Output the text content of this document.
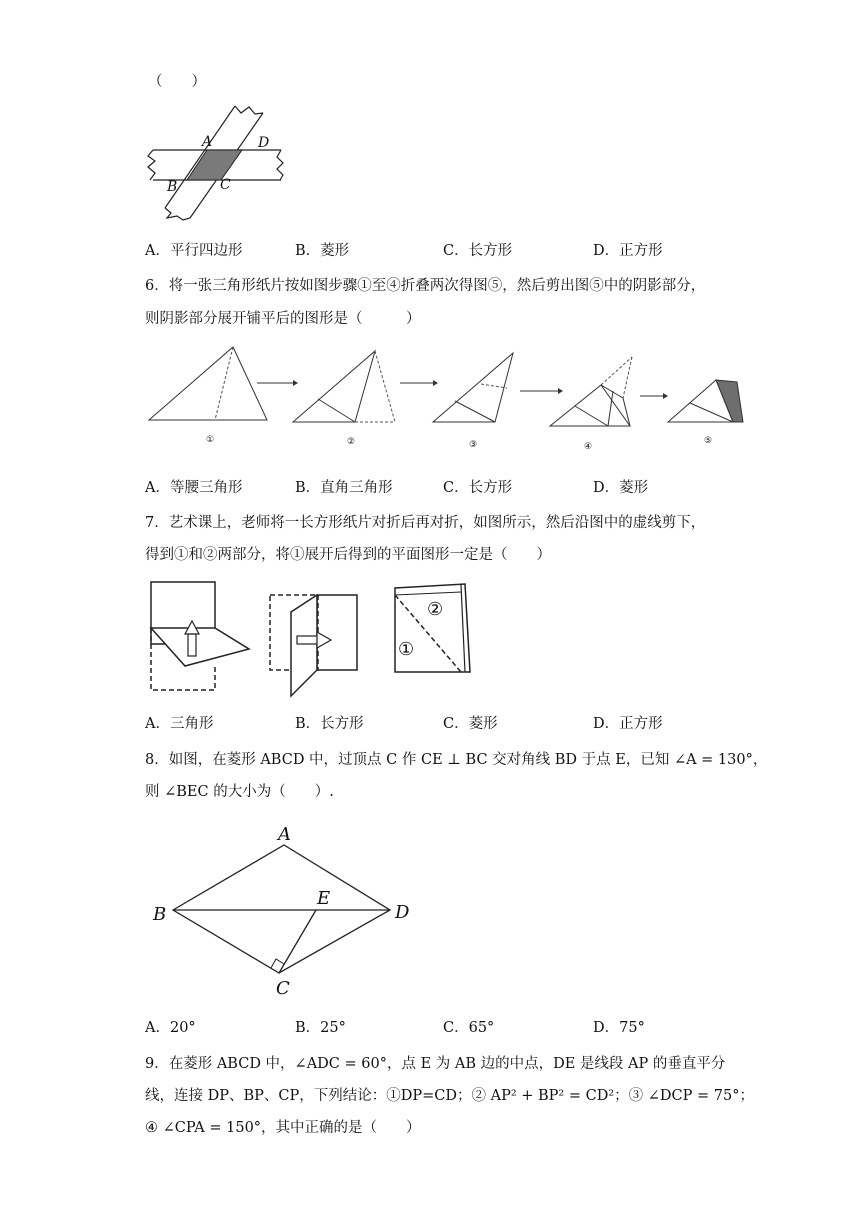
（　　）
A	D
B	C
A．平行四边形	B．菱形	C．长方形	D．正方形
6．将一张三角形纸片按如图步骤①至④折叠两次得图⑤，然后剪出图⑤中的阴影部分，
则阴影部分展开铺平后的图形是（　　　）
①	②	③	④
⑤
A．等腰三角形	B．直角三角形	C．长方形	D．菱形
7．艺术课上，老师将一长方形纸片对折后再对折，如图所示，然后沿图中的虚线剪下，
得到①和②两部分，将①展开后得到的平面图形一定是（　　）
②
①
A．三角形	B．长方形	C．菱形	D．正方形
8．如图，在菱形 ABCD 中，过顶点 C 作 CE ⊥ BC 交对角线 BD 于点 E，已知 ∠A = 130°，
则 ∠BEC 的大小为（　　）.
A
B
E
D
C
A．20°	B．25°	C．65°	D．75°
9．在菱形 ABCD 中，∠ADC = 60°，点 E 为 AB 边的中点，DE 是线段 AP 的垂直平分
线，连接 DP、BP、CP，下列结论：①DP=CD；② AP² + BP² = CD²；③ ∠DCP = 75°；
④ ∠CPA = 150°，其中正确的是（　　）
